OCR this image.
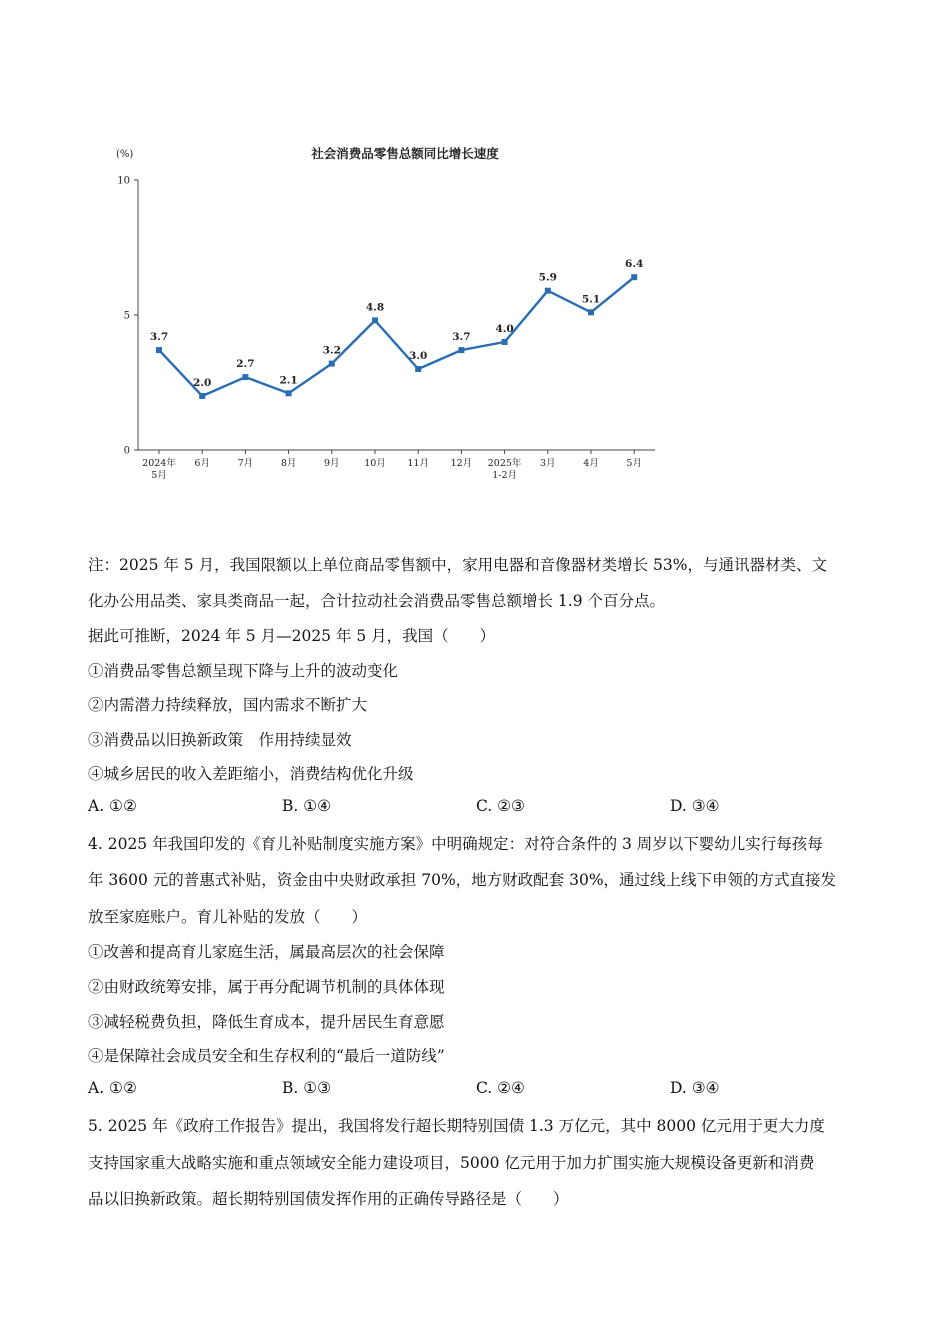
社会消费品零售总额同比增长速度
(%)
0
5
10
2024年 5月
6月	7月	8月	9月	10月 11月 12月 2025年 1-2月
3月	4月	5月
3.7
2.0
2.7
2.1
3.2
4.8
3.0
3.7
4.0
5.9
5.1
6.4
注：2025 年 5 月，我国限额以上单位商品零售额中，家用电器和音像器材类增长 53%，与通讯器材类、文
化办公用品类、家具类商品一起，合计拉动社会消费品零售总额增长 1.9 个百分点。
据此可推断，2024 年 5 月—2025 年 5 月，我国（　　）
①消费品零售总额呈现下降与上升的波动变化
②内需潜力持续释放，国内需求不断扩大
③消费品以旧换新政策　作用持续显效
④城乡居民的收入差距缩小，消费结构优化升级
A. ①②	B. ①④	C. ②③	D. ③④
4. 2025 年我国印发的《育儿补贴制度实施方案》中明确规定：对符合条件的 3 周岁以下婴幼儿实行每孩每
年 3600 元的普惠式补贴，资金由中央财政承担 70%，地方财政配套 30%，通过线上线下申领的方式直接发
放至家庭账户。育儿补贴的发放（　　）
①改善和提高育儿家庭生活，属最高层次的社会保障
②由财政统筹安排，属于再分配调节机制的具体体现
③减轻税费负担，降低生育成本，提升居民生育意愿
④是保障社会成员安全和生存权利的“最后一道防线”
A. ①②	B. ①③	C. ②④	D. ③④
5. 2025 年《政府工作报告》提出，我国将发行超长期特别国债 1.3 万亿元，其中 8000 亿元用于更大力度
支持国家重大战略实施和重点领域安全能力建设项目，5000 亿元用于加力扩围实施大规模设备更新和消费
品以旧换新政策。超长期特别国债发挥作用的正确传导路径是（　　）
